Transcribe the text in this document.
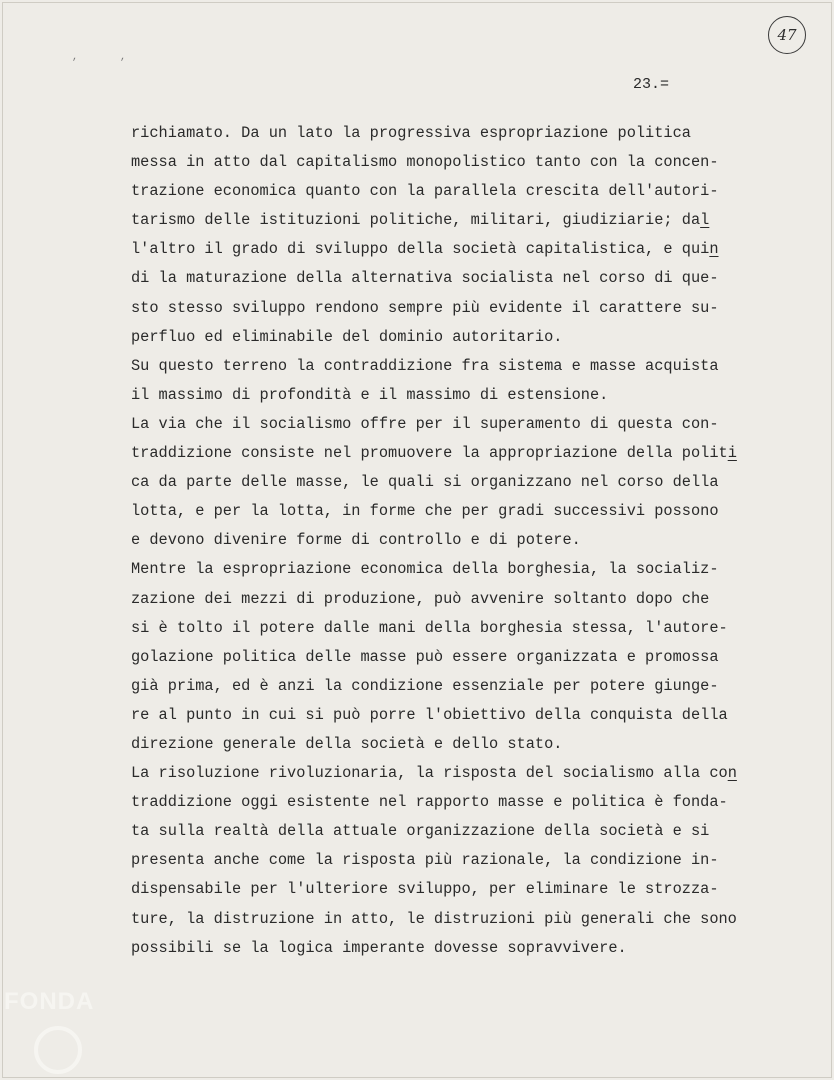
47
, ,
23.=
richiamato. Da un lato la progressiva espropriazione politica
messa in atto dal capitalismo monopolistico tanto con la concen-
trazione economica quanto con la parallela crescita dell'autori-
tarismo delle istituzioni politiche, militari, giudiziarie; dal
l'altro il grado di sviluppo della società capitalistica, e quin
di la maturazione della alternativa socialista nel corso di que-
sto stesso sviluppo rendono sempre più evidente il carattere su-
perfluo ed eliminabile del dominio autoritario.
Su questo terreno la contraddizione fra sistema e masse acquista
il massimo di profondità e il massimo di estensione.
La via che il socialismo offre per il superamento di questa con-
traddizione consiste nel promuovere la appropriazione della politi
ca da parte delle masse, le quali si organizzano nel corso della
lotta, e per la lotta, in forme che per gradi successivi possono
e devono divenire forme di controllo e di potere.
Mentre la espropriazione economica della borghesia, la socializ-
zazione dei mezzi di produzione, può avvenire soltanto dopo che
si è tolto il potere dalle mani della borghesia stessa, l'autore-
golazione politica delle masse può essere organizzata e promossa
già prima, ed è anzi la condizione essenziale per potere giunge-
re al punto in cui si può porre l'obiettivo della conquista della
direzione generale della società e dello stato.
La risoluzione rivoluzionaria, la risposta del socialismo alla con
traddizione oggi esistente nel rapporto masse e politica è fonda-
ta sulla realtà della attuale organizzazione della società e si
presenta anche come la risposta più razionale, la condizione in-
dispensabile per l'ulteriore sviluppo, per eliminare le strozza-
ture, la distruzione in atto, le distruzioni più generali che sono
possibili se la logica imperante dovesse sopravvivere.
FONDA
